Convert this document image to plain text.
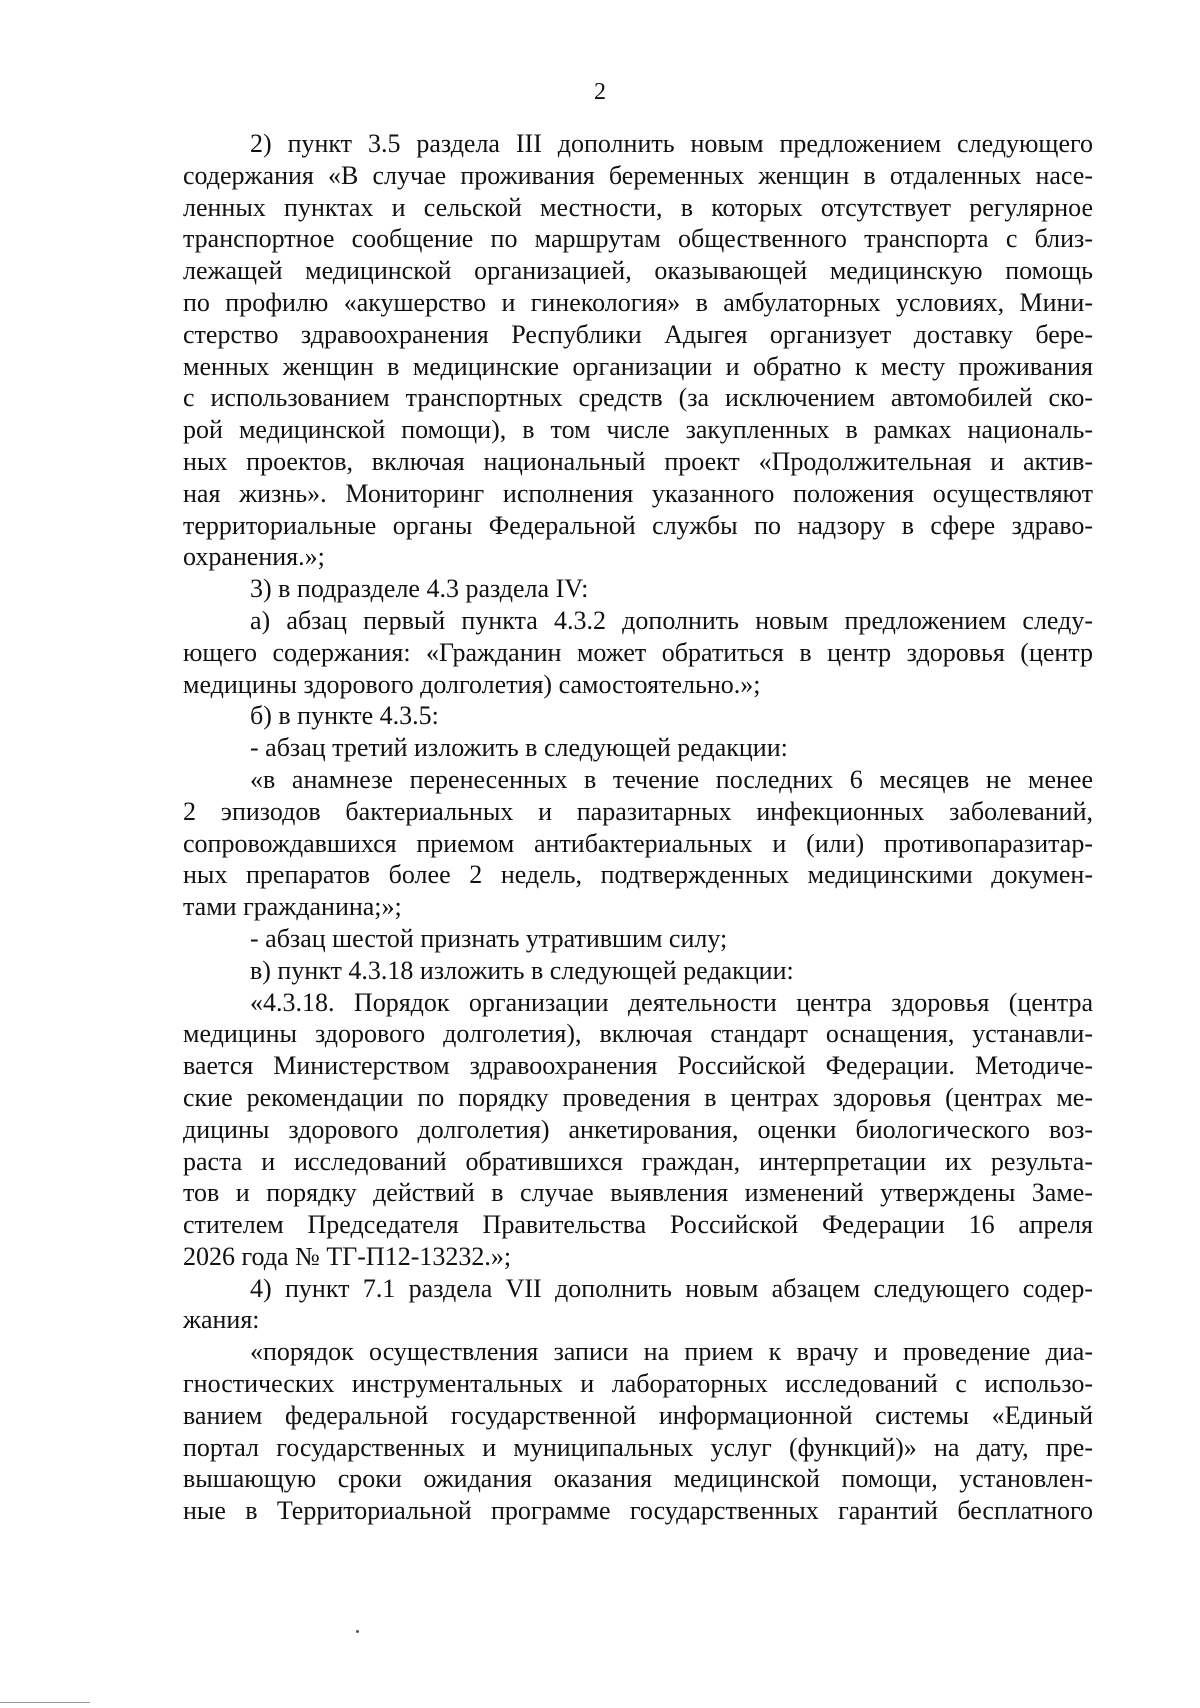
2
2) пункт 3.5 раздела III дополнить новым предложением следующего
содержания «В случае проживания беременных женщин в отдаленных насе-
ленных пунктах и сельской местности, в которых отсутствует регулярное
транспортное сообщение по маршрутам общественного транспорта с близ-
лежащей медицинской организацией, оказывающей медицинскую помощь
по профилю «акушерство и гинекология» в амбулаторных условиях, Мини-
стерство здравоохранения Республики Адыгея организует доставку бере-
менных женщин в медицинские организации и обратно к месту проживания
с использованием транспортных средств (за исключением автомобилей ско-
рой медицинской помощи), в том числе закупленных в рамках националь-
ных проектов, включая национальный проект «Продолжительная и актив-
ная жизнь». Мониторинг исполнения указанного положения осуществляют
территориальные органы Федеральной службы по надзору в сфере здраво-
охранения.»;
3) в подразделе 4.3 раздела IV:
а) абзац первый пункта 4.3.2 дополнить новым предложением следу-
ющего содержания: «Гражданин может обратиться в центр здоровья (центр
медицины здорового долголетия) самостоятельно.»;
б) в пункте 4.3.5:
- абзац третий изложить в следующей редакции:
«в анамнезе перенесенных в течение последних 6 месяцев не менее
2 эпизодов бактериальных и паразитарных инфекционных заболеваний,
сопровождавшихся приемом антибактериальных и (или) противопаразитар-
ных препаратов более 2 недель, подтвержденных медицинскими докумен-
тами гражданина;»;
- абзац шестой признать утратившим силу;
в) пункт 4.3.18 изложить в следующей редакции:
«4.3.18. Порядок организации деятельности центра здоровья (центра
медицины здорового долголетия), включая стандарт оснащения, устанавли-
вается Министерством здравоохранения Российской Федерации. Методиче-
ские рекомендации по порядку проведения в центрах здоровья (центрах ме-
дицины здорового долголетия) анкетирования, оценки биологического воз-
раста и исследований обратившихся граждан, интерпретации их результа-
тов и порядку действий в случае выявления изменений утверждены Заме-
стителем Председателя Правительства Российской Федерации 16 апреля
2026 года № ТГ-П12-13232.»;
4) пункт 7.1 раздела VII дополнить новым абзацем следующего содер-
жания:
«порядок осуществления записи на прием к врачу и проведение диа-
гностических инструментальных и лабораторных исследований с использо-
ванием федеральной государственной информационной системы «Единый
портал государственных и муниципальных услуг (функций)» на дату, пре-
вышающую сроки ожидания оказания медицинской помощи, установлен-
ные в Территориальной программе государственных гарантий бесплатного
